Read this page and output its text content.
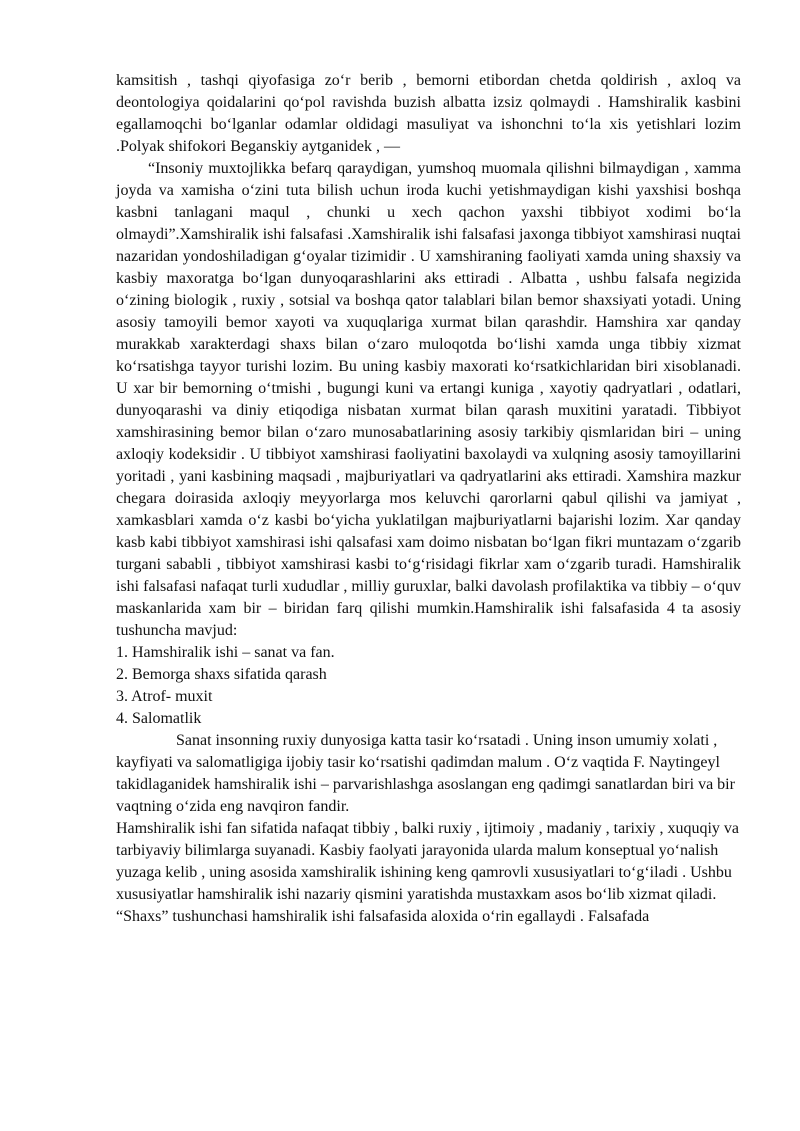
kamsitish , tashqi qiyofasiga zo‘r berib , bemorni etibordan chetda qoldirish , axloq va deontologiya qoidalarini qo‘pol ravishda buzish albatta izsiz qolmaydi . Hamshiralik kasbini egallamoqchi bo‘lganlar odamlar oldidagi masuliyat va ishonchni to‘la xis yetishlari lozim .Polyak shifokori Beganskiy aytganidek , —

“Insoniy muxtojlikka befarq qaraydigan, yumshoq muomala qilishni bilmaydigan , xamma joyda va xamisha o‘zini tuta bilish uchun iroda kuchi yetishmaydigan kishi yaxshisi boshqa kasbni tanlagani maqul , chunki u xech qachon yaxshi tibbiyot xodimi bo‘la olmaydi”.Xamshiralik ishi falsafasi .Xamshiralik ishi falsafasi jaxonga tibbiyot xamshirasi nuqtai nazaridan yondoshiladigan g‘oyalar tizimidir . U xamshiraning faoliyati xamda uning shaxsiy va kasbiy maxoratga bo‘lgan dunyoqarashlarini aks ettiradi . Albatta , ushbu falsafa negizida o‘zining biologik , ruxiy , sotsial va boshqa qator talablari bilan bemor shaxsiyati yotadi. Uning asosiy tamoyili bemor xayoti va xuquqlariga xurmat bilan qarashdir. Hamshira xar qanday murakkab xarakterdagi shaxs bilan o‘zaro muloqotda bo‘lishi xamda unga tibbiy xizmat ko‘rsatishga tayyor turishi lozim. Bu uning kasbiy maxorati ko‘rsatkichlaridan biri xisoblanadi. U xar bir bemorning o‘tmishi , bugungi kuni va ertangi kuniga , xayotiy qadryatlari , odatlari, dunyoqarashi va diniy etiqodiga nisbatan xurmat bilan qarash muxitini yaratadi. Tibbiyot xamshirasining bemor bilan o‘zaro munosabatlarining asosiy tarkibiy qismlaridan biri – uning axloqiy kodeksidir . U tibbiyot xamshirasi faoliyatini baxolaydi va xulqning asosiy tamoyillarini yoritadi , yani kasbining maqsadi , majburiyatlari va qadryatlarini aks ettiradi. Xamshira mazkur chegara doirasida axloqiy meyyorlarga mos keluvchi qarorlarni qabul qilishi va jamiyat , xamkasblari xamda o‘z kasbi bo‘yicha yuklatilgan majburiyatlarni bajarishi lozim. Xar qanday kasb kabi tibbiyot xamshirasi ishi qalsafasi xam doimo nisbatan bo‘lgan fikri muntazam o‘zgarib turgani sababli , tibbiyot xamshirasi kasbi to‘g‘risidagi fikrlar xam o‘zgarib turadi. Hamshiralik ishi falsafasi nafaqat turli xududlar , milliy guruxlar, balki davolash profilaktika va tibbiy – o‘quv maskanlarida xam bir – biridan farq qilishi mumkin.Hamshiralik ishi falsafasida 4 ta asosiy tushuncha mavjud:

1. Hamshiralik ishi – sanat va fan.
2. Bemorga shaxs sifatida qarash
3. Atrof- muxit
4. Salomatlik

Sanat insonning ruxiy dunyosiga katta tasir ko‘rsatadi . Uning inson umumiy xolati , kayfiyati va salomatligiga ijobiy tasir ko‘rsatishi qadimdan malum . O‘z vaqtida F. Naytingeyl takidlaganidek hamshiralik ishi – parvarishlashga asoslangan eng qadimgi sanatlardan biri va bir vaqtning o‘zida eng navqiron fandir.

Hamshiralik ishi fan sifatida nafaqat tibbiy , balki ruxiy , ijtimoiy , madaniy , tarixiy , xuquqiy va tarbiyaviy bilimlarga suyanadi. Kasbiy faolyati jarayonida ularda malum konseptual yo‘nalish yuzaga kelib , uning asosida xamshiralik ishining keng qamrovli xususiyatlari to‘g‘iladi . Ushbu xususiyatlar hamshiralik ishi nazariy qismini yaratishda mustaxkam asos bo‘lib xizmat qiladi.

“Shaxs” tushunchasi hamshiralik ishi falsafasida aloxida o‘rin egallaydi . Falsafada
